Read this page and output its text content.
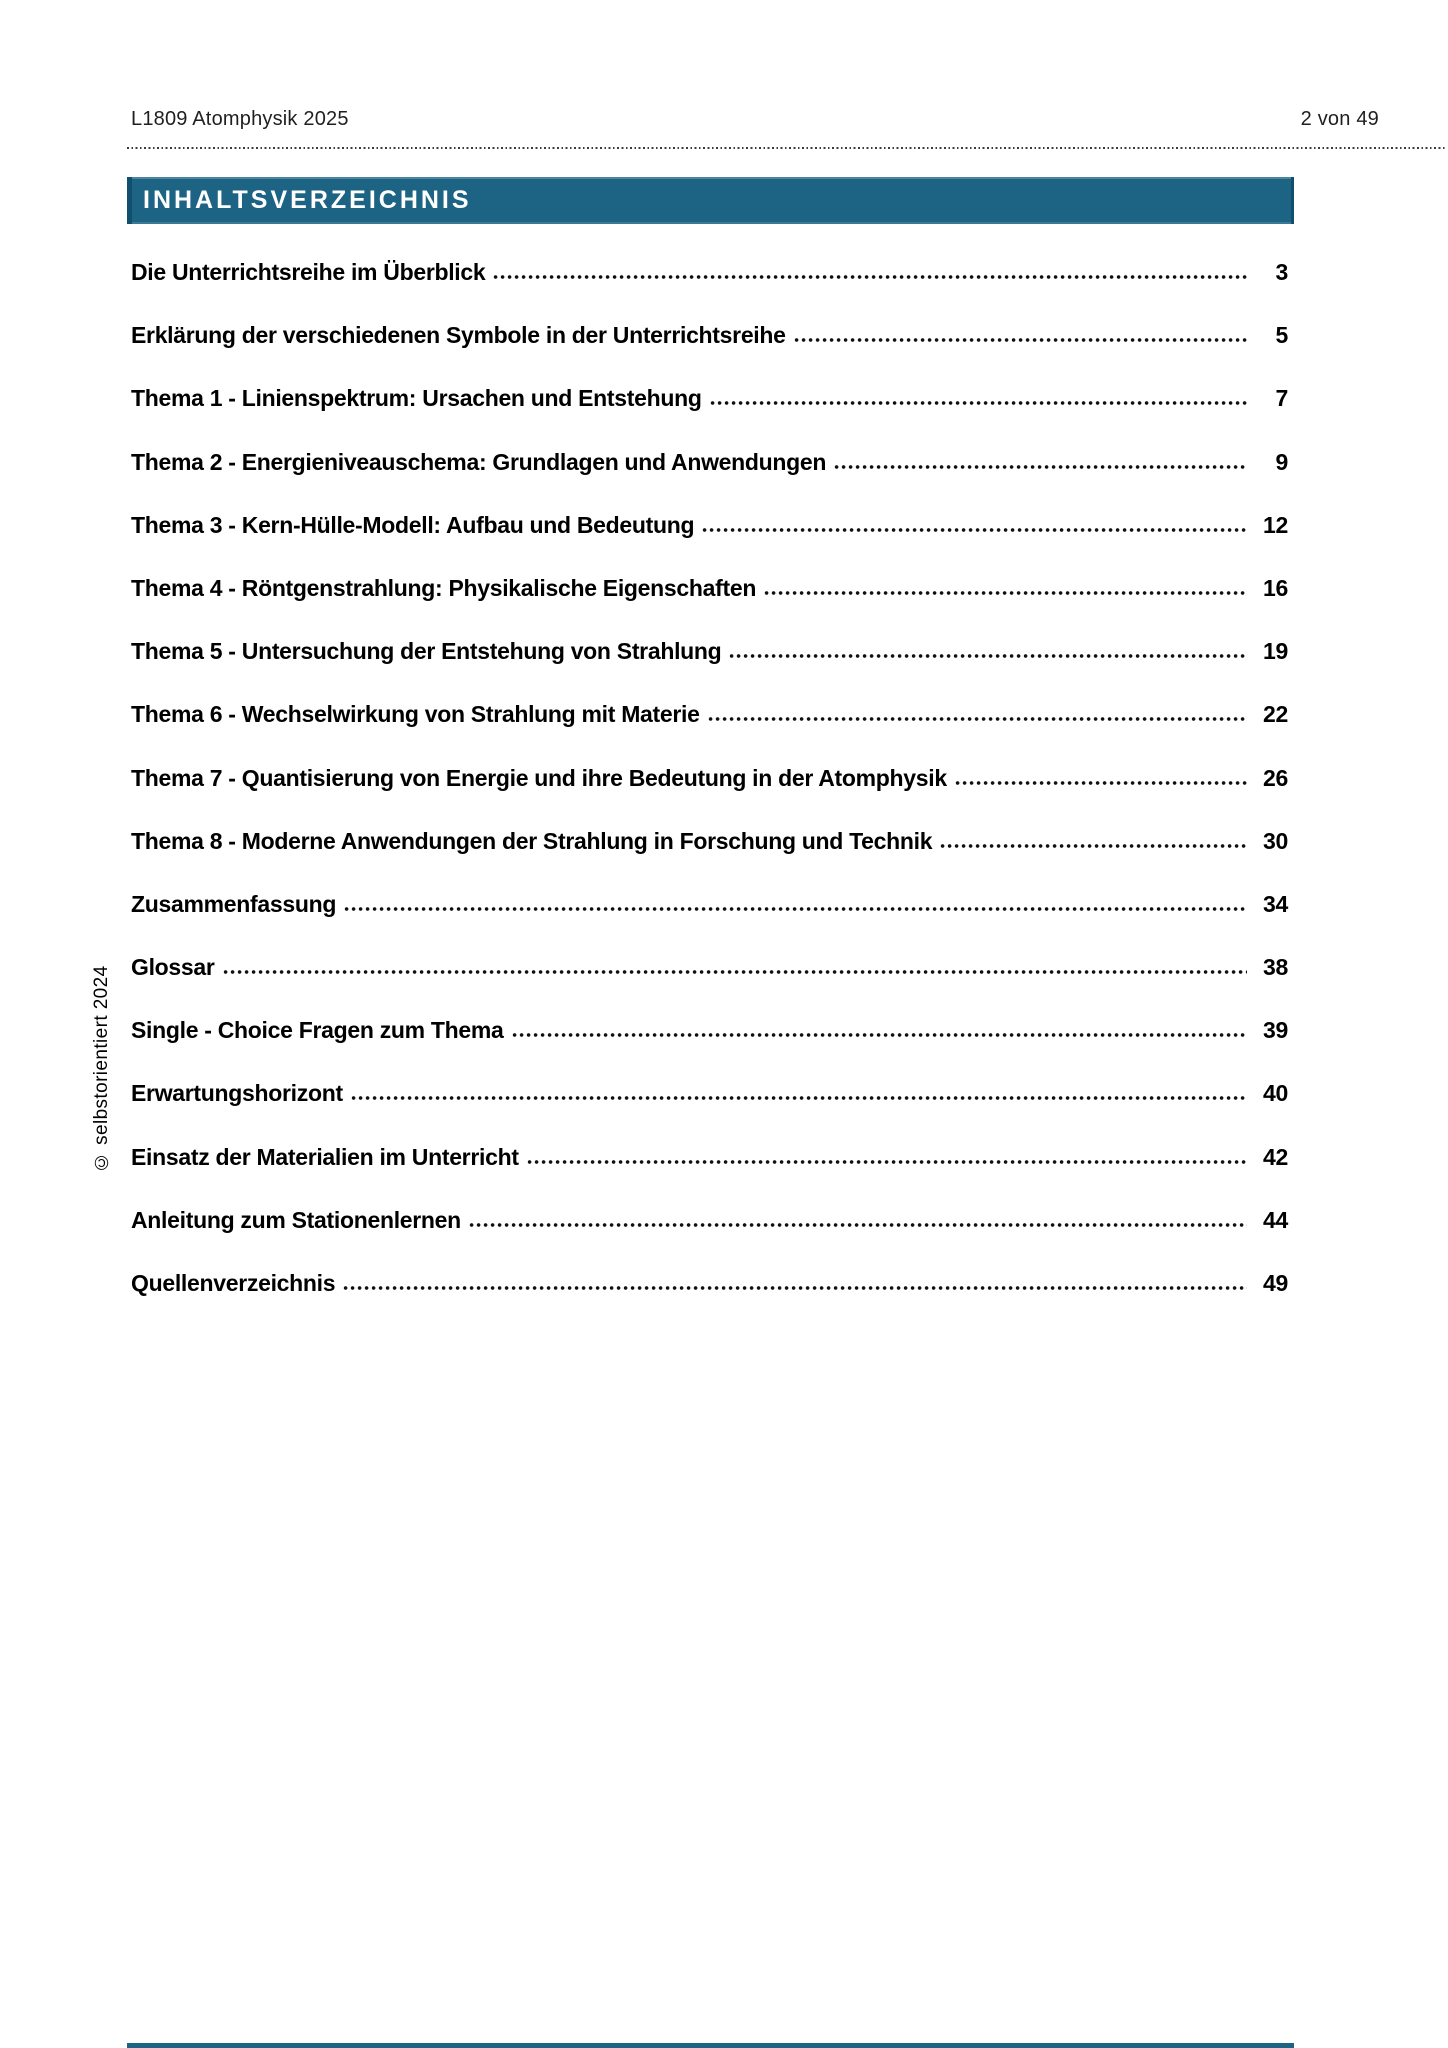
L1809 Atomphysik 2025	2 von 49
INHALTSVERZEICHNIS
Die Unterrichtsreihe im Überblick	3
Erklärung der verschiedenen Symbole in der Unterrichtsreihe	5
Thema 1 - Linienspektrum: Ursachen und Entstehung	7
Thema 2 - Energieniveauschema: Grundlagen und Anwendungen	9
Thema 3 - Kern-Hülle-Modell: Aufbau und Bedeutung	12
Thema 4 - Röntgenstrahlung: Physikalische Eigenschaften	16
Thema 5 - Untersuchung der Entstehung von Strahlung	19
Thema 6 - Wechselwirkung von Strahlung mit Materie	22
Thema 7 - Quantisierung von Energie und ihre Bedeutung in der Atomphysik	26
Thema 8 - Moderne Anwendungen der Strahlung in Forschung und Technik	30
Zusammenfassung	34
Glossar	38
Single - Choice Fragen zum Thema	39
Erwartungshorizont	40
Einsatz der Materialien im Unterricht	42
Anleitung zum Stationenlernen	44
Quellenverzeichnis	49
© selbstorientiert 2024
